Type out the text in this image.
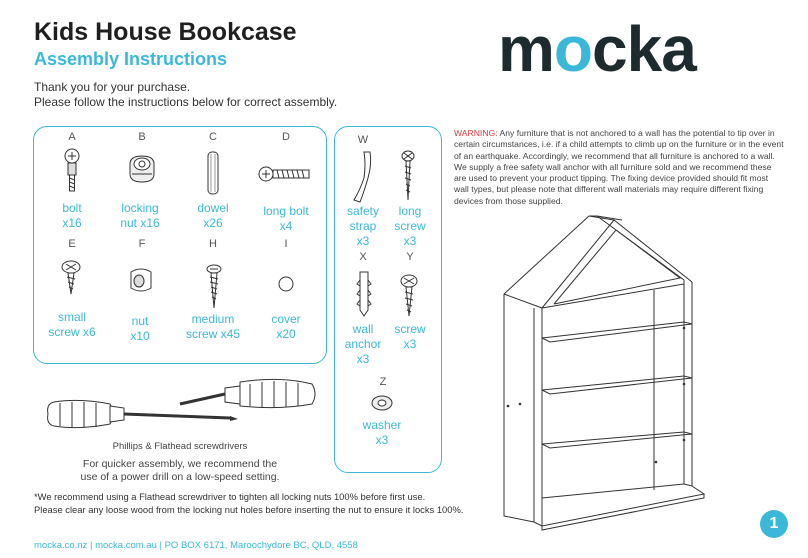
Kids House Bookcase
Assembly Instructions
Thank you for your purchase.
Please follow the instructions below for correct assembly.
mocka
A	B	C	D
bolt
x16
locking
nut x16
dowel
x26
long bolt
x4
E	F	H	I
small
screw x6
nut
x10
medium
screw x45
cover
x20
W
safety
strap
x3
long
screw
x3
X	Y
wall
anchor
x3
screw
x3
Z
washer
x3
Phillips & Flathead screwdrivers
For quicker assembly, we recommend the
use of a power drill on a low-speed setting.
*We recommend using a Flathead screwdriver to tighten all locking nuts 100% before first use.
Please clear any loose wood from the locking nut holes before inserting the nut to ensure it locks 100%.
WARNING: Any furniture that is not anchored to a wall has the potential to tip over in certain circumstances, i.e. if a child attempts to climb up on the furniture or in the event of an earthquake. Accordingly, we recommend that all furniture is anchored to a wall. We supply a free safety wall anchor with all furniture sold and we recommend these are used to prevent your product tipping. The fixing device provided should fit most wall types, but please note that different wall materials may require different fixing devices from those supplied.
1
mocka.co.nz | mocka.com.au | PO BOX 6171, Maroochydore BC, QLD, 4558
